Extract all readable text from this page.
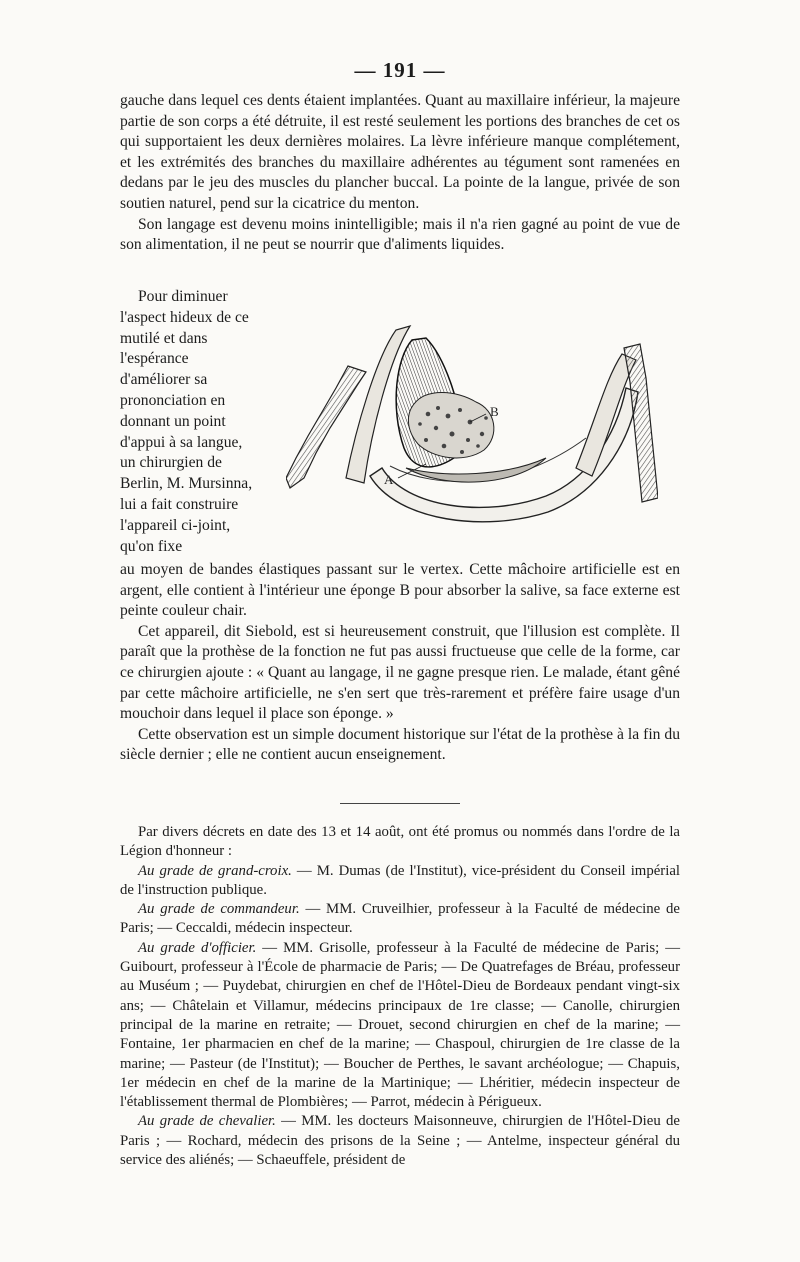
— 191 —

gauche dans lequel ces dents étaient implantées. Quant au maxillaire inférieur, la majeure partie de son corps a été détruite, il est resté seulement les portions des branches de cet os qui supportaient les deux dernières molaires. La lèvre inférieure manque complétement, et les extrémités des branches du maxillaire adhérentes au tégument sont ramenées en dedans par le jeu des muscles du plancher buccal. La pointe de la langue, privée de son soutien naturel, pend sur la cicatrice du menton.

Son langage est devenu moins inintelligible; mais il n'a rien gagné au point de vue de son alimentation, il ne peut se nourrir que d'aliments liquides.

Pour diminuer l'aspect hideux de ce mutilé et dans l'espérance d'améliorer sa prononciation en donnant un point d'appui à sa langue, un chirurgien de Berlin, M. Mursinna, lui a fait construire l'appareil ci-joint, qu'on fixe

A
B

au moyen de bandes élastiques passant sur le vertex. Cette mâchoire artificielle est en argent, elle contient à l'intérieur une éponge B pour absorber la salive, sa face externe est peinte couleur chair.

Cet appareil, dit Siebold, est si heureusement construit, que l'illusion est complète. Il paraît que la prothèse de la fonction ne fut pas aussi fructueuse que celle de la forme, car ce chirurgien ajoute : « Quant au langage, il ne gagne presque rien. Le malade, étant gêné par cette mâchoire artificielle, ne s'en sert que très-rarement et préfère faire usage d'un mouchoir dans lequel il place son éponge. »

Cette observation est un simple document historique sur l'état de la prothèse à la fin du siècle dernier ; elle ne contient aucun enseignement.

Par divers décrets en date des 13 et 14 août, ont été promus ou nommés dans l'ordre de la Légion d'honneur :

Au grade de grand-croix. — M. Dumas (de l'Institut), vice-président du Conseil impérial de l'instruction publique.

Au grade de commandeur. — MM. Cruveilhier, professeur à la Faculté de médecine de Paris; — Ceccaldi, médecin inspecteur.

Au grade d'officier. — MM. Grisolle, professeur à la Faculté de médecine de Paris; — Guibourt, professeur à l'École de pharmacie de Paris; — De Quatrefages de Bréau, professeur au Muséum ; — Puydebat, chirurgien en chef de l'Hôtel-Dieu de Bordeaux pendant vingt-six ans; — Châtelain et Villamur, médecins principaux de 1re classe; — Canolle, chirurgien principal de la marine en retraite; — Drouet, second chirurgien en chef de la marine; — Fontaine, 1er pharmacien en chef de la marine; — Chaspoul, chirurgien de 1re classe de la marine; — Pasteur (de l'Institut); — Boucher de Perthes, le savant archéologue; — Chapuis, 1er médecin en chef de la marine de la Martinique; — Lhéritier, médecin inspecteur de l'établissement thermal de Plombières; — Parrot, médecin à Périgueux.

Au grade de chevalier. — MM. les docteurs Maisonneuve, chirurgien de l'Hôtel-Dieu de Paris ; — Rochard, médecin des prisons de la Seine ; — Antelme, inspecteur général du service des aliénés; — Schaeuffele, président de
